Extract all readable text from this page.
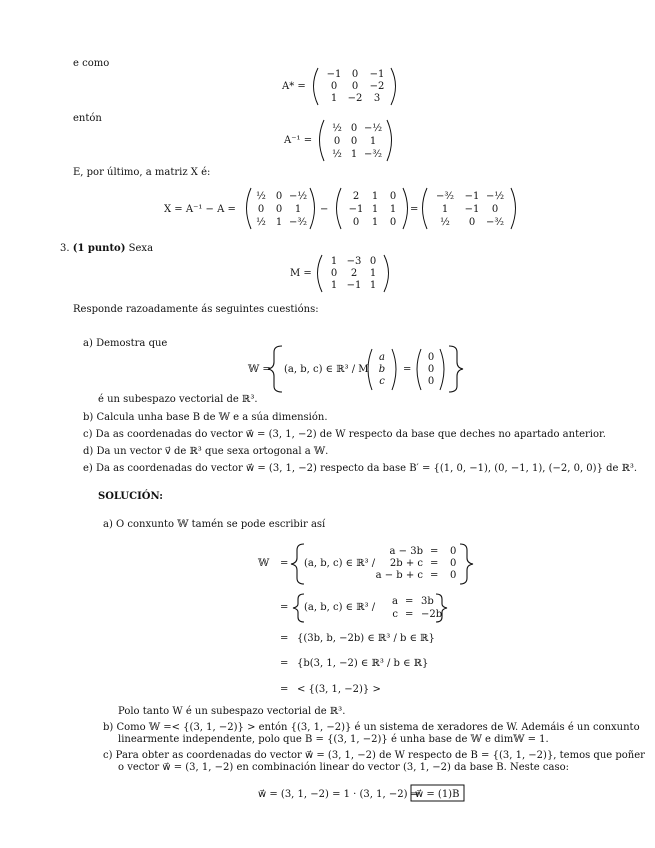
e como
entón
E, por último, a matriz X é:
3. (1 punto) Sexa
Responde razoadamente ás seguintes cuestións:
a) Demostra que
é un subespazo vectorial de ℝ³.
b) Calcula unha base B de 𝕎 e a súa dimensión.
c) Da as coordenadas do vector w⃗ = (3, 1, −2) de W respecto da base que deches no apartado anterior.
d) Da un vector v⃗ de ℝ³ que sexa ortogonal a 𝕎.
e) Da as coordenadas do vector w⃗ = (3, 1, −2) respecto da base B′ = {(1, 0, −1), (0, −1, 1), (−2, 0, 0)} de ℝ³.
SOLUCIÓN:
a) O conxunto 𝕎 tamén se pode escribir así
Polo tanto W é un subespazo vectorial de ℝ³.
b) Como 𝕎 =< {(3, 1, −2)} > entón {(3, 1, −2)} é un sistema de xeradores de W. Ademáis é un conxunto
linearmente independente, polo que B = {(3, 1, −2)} é unha base de 𝕎 e dim𝕎 = 1.
c) Para obter as coordenadas do vector w⃗ = (3, 1, −2) de W respecto de B = {(3, 1, −2)}, temos que poñer
o vector w⃗ = (3, 1, −2) en combinación linear do vector (3, 1, −2) da base B. Neste caso:
A* =
−1 0 −1
0 0 −2
1 −2 3
A⁻¹ =
½ 0 −½
0 0 1
½ 1 −³⁄₂
X = A⁻¹ − A =
½ 0 −½
0 0 1
½ 1 −³⁄₂
−
2 1 0
−1 1 1
0 1 0
=
−³⁄₂ −1 −½
1 −1 0
½ 0 −³⁄₂
M =
1 −3 0
0 2 1
1 −1 1
𝕎 = (a, b, c) ∈ ℝ³ / M
a
b
c
=
0
0
0
𝕎 = (a, b, c) ∈ ℝ³ /
a − 3b = 0
2b + c = 0
a − b + c = 0
= (a, b, c) ∈ ℝ³ /
a = 3b
c = −2b
= {(3b, b, −2b) ∈ ℝ³ / b ∈ ℝ}
= {b(3, 1, −2) ∈ ℝ³ / b ∈ ℝ}
= < {(3, 1, −2)} >
w⃗ = (3, 1, −2) = 1 · (3, 1, −2) ⇒
w⃗ = (1)B
